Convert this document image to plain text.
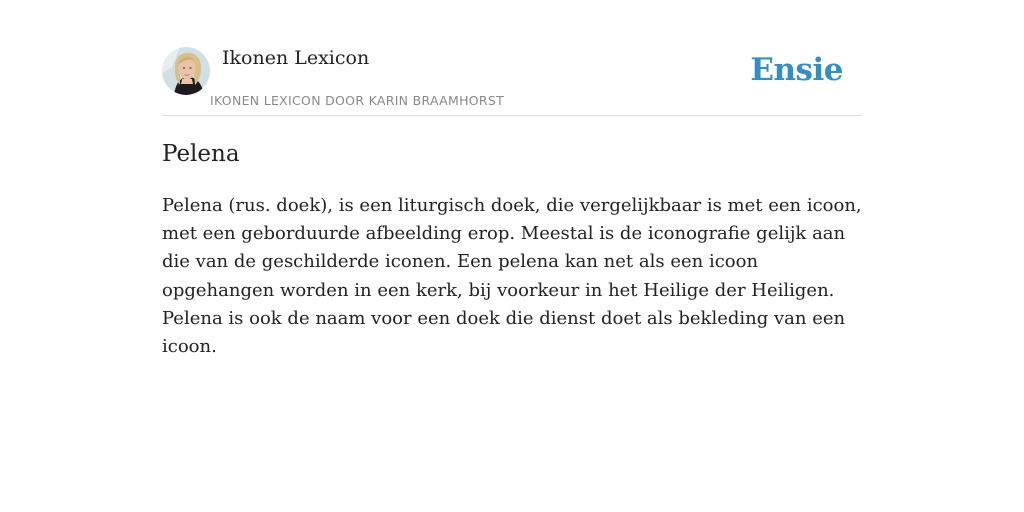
Ikonen Lexicon
IKONEN LEXICON DOOR KARIN BRAAMHORST
Ensie
Pelena

Pelena (rus. doek), is een liturgisch doek, die vergelijkbaar is met een icoon, met een geborduurde afbeelding erop. Meestal is de iconografie gelijk aan die van de geschilderde iconen. Een pelena kan net als een icoon opgehangen worden in een kerk, bij voorkeur in het Heilige der Heiligen. Pelena is ook de naam voor een doek die dienst doet als bekleding van een icoon.
